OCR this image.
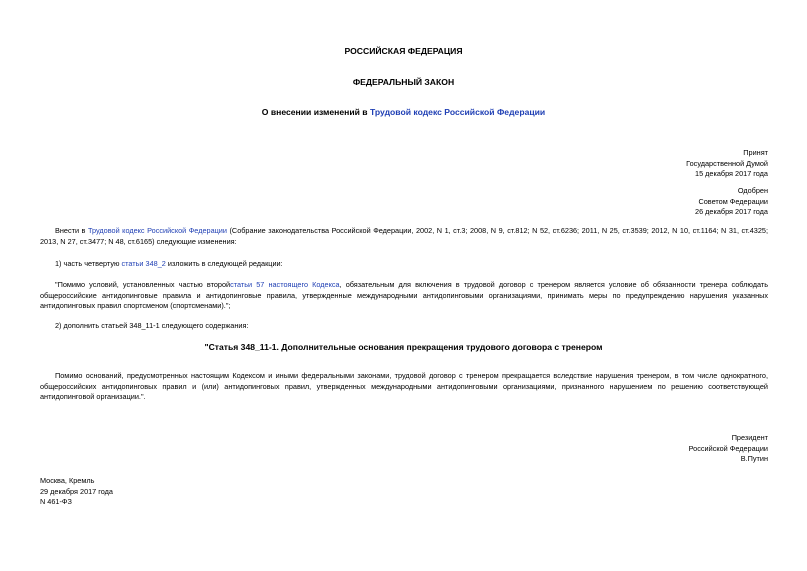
РОССИЙСКАЯ ФЕДЕРАЦИЯ
ФЕДЕРАЛЬНЫЙ ЗАКОН
О внесении изменений в Трудовой кодекс Российской Федерации
Принят
Государственной Думой
15 декабря 2017 года
Одобрен
Советом Федерации
26 декабря 2017 года
Внести в Трудовой кодекс Российской Федерации (Собрание законодательства Российской Федерации, 2002, N 1, ст.3; 2008, N 9, ст.812; N 52, ст.6236; 2011, N 25, ст.3539; 2012, N 10, ст.1164; N 31, ст.4325; 2013, N 27, ст.3477; N 48, ст.6165) следующие изменения:
1) часть четвертую статьи 348_2 изложить в следующей редакции:
"Помимо условий, установленных частью второйстатьи 57 настоящего Кодекса, обязательным для включения в трудовой договор с тренером является условие об обязанности тренера соблюдать общероссийские антидопинговые правила и антидопинговые правила, утвержденные международными антидопинговыми организациями, принимать меры по предупреждению нарушения указанных антидопинговых правил спортсменом (спортсменами).";
2) дополнить статьей 348_11-1 следующего содержания:
"Статья 348_11-1. Дополнительные основания прекращения трудового договора с тренером
Помимо оснований, предусмотренных настоящим Кодексом и иными федеральными законами, трудовой договор с тренером прекращается вследствие нарушения тренером, в том числе однократного, общероссийских антидопинговых правил и (или) антидопинговых правил, утвержденных международными антидопинговыми организациями, признанного нарушением по решению соответствующей антидопинговой организации.".
Президент
Российской Федерации
В.Путин
Москва, Кремль
29 декабря 2017 года
N 461-ФЗ
